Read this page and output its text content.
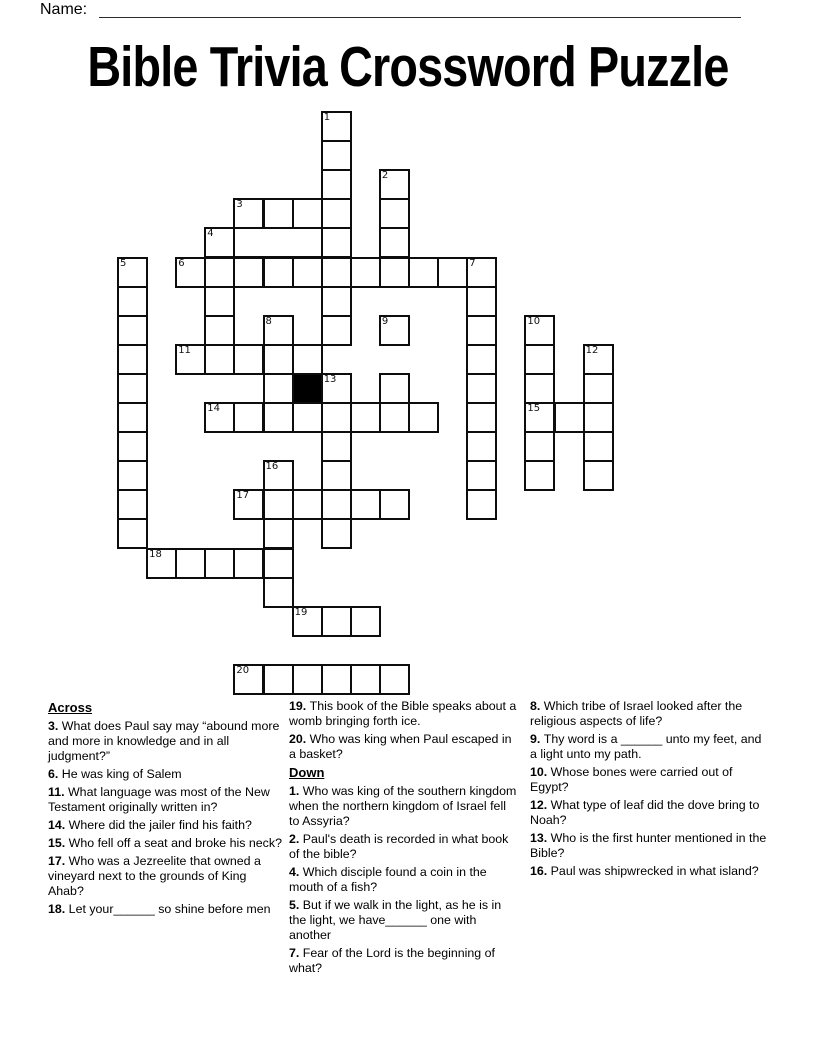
Name:
Bible Trivia Crossword Puzzle
1
2
3
4
5	6	7
8	9	10
11	12
13
14	15
16
17
18
19
20
Across
3. What does Paul say may “abound more and more in knowledge and in all judgment?”
6. He was king of Salem
11. What language was most of the New Testament originally written in?
14. Where did the jailer find his faith?
15. Who fell off a seat and broke his neck?
17. Who was a Jezreelite that owned a vineyard next to the grounds of King Ahab?
18. Let your______ so shine before men
19. This book of the Bible speaks about a womb bringing forth ice.
20. Who was king when Paul escaped in a basket?
Down
1. Who was king of the southern kingdom when the northern kingdom of Israel fell to Assyria?
2. Paul's death is recorded in what book of the bible?
4. Which disciple found a coin in the mouth of a fish?
5. But if we walk in the light, as he is in the light, we have______ one with another
7. Fear of the Lord is the beginning of what?
8. Which tribe of Israel looked after the religious aspects of life?
9. Thy word is a ______ unto my feet, and a light unto my path.
10. Whose bones were carried out of Egypt?
12. What type of leaf did the dove bring to Noah?
13. Who is the first hunter mentioned in the Bible?
16. Paul was shipwrecked in what island?
